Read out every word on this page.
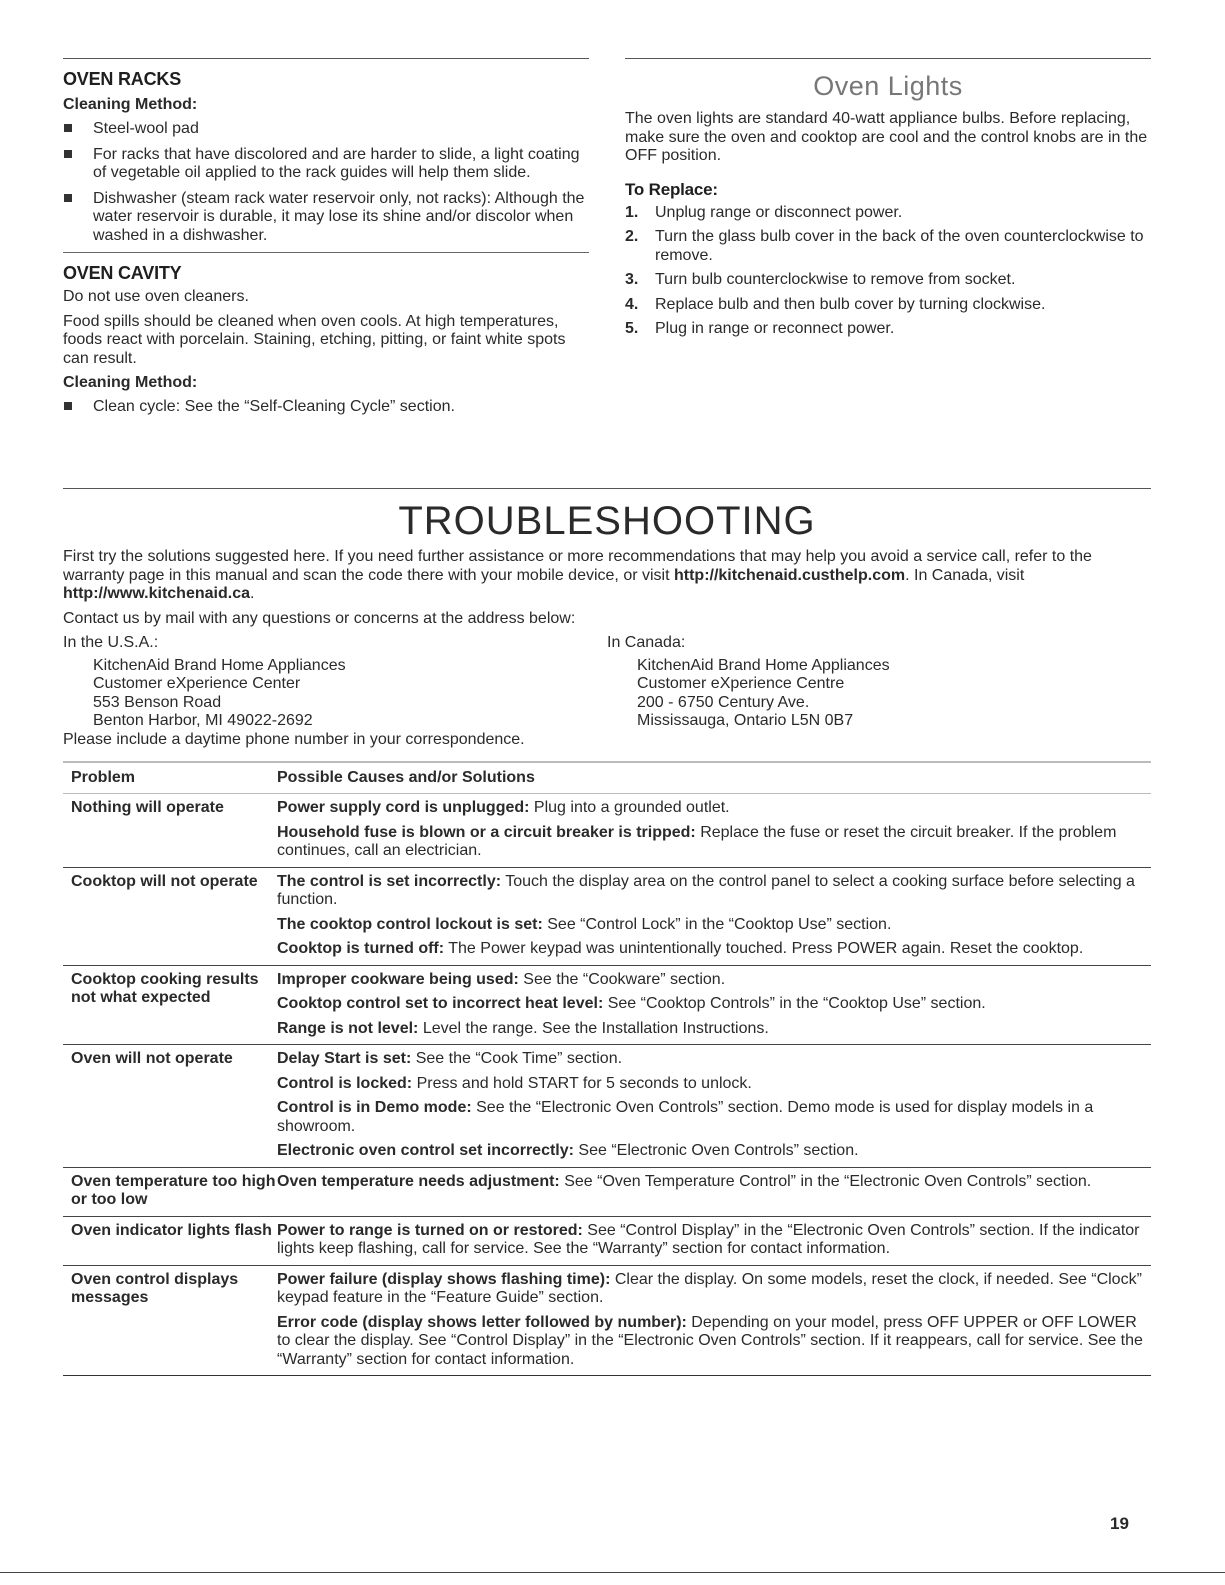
OVEN RACKS
Cleaning Method:
Steel-wool pad
For racks that have discolored and are harder to slide, a light coating of vegetable oil applied to the rack guides will help them slide.
Dishwasher (steam rack water reservoir only, not racks): Although the water reservoir is durable, it may lose its shine and/or discolor when washed in a dishwasher.
OVEN CAVITY

Do not use oven cleaners.

Food spills should be cleaned when oven cools. At high temperatures, foods react with porcelain. Staining, etching, pitting, or faint white spots can result.

Cleaning Method:
Clean cycle: See the “Self-Cleaning Cycle” section.
Oven Lights

The oven lights are standard 40-watt appliance bulbs. Before replacing, make sure the oven and cooktop are cool and the control knobs are in the OFF position.

To Replace:
1. Unplug range or disconnect power.
2. Turn the glass bulb cover in the back of the oven counterclockwise to remove.
3. Turn bulb counterclockwise to remove from socket.
4. Replace bulb and then bulb cover by turning clockwise.
5. Plug in range or reconnect power.
TROUBLESHOOTING

First try the solutions suggested here. If you need further assistance or more recommendations that may help you avoid a service call, refer to the warranty page in this manual and scan the code there with your mobile device, or visit http://kitchenaid.custhelp.com. In Canada, visit http://www.kitchenaid.ca.

Contact us by mail with any questions or concerns at the address below:

In the U.S.A.:
KitchenAid Brand Home Appliances
Customer eXperience Center
553 Benson Road
Benton Harbor, MI 49022-2692
In Canada:
KitchenAid Brand Home Appliances
Customer eXperience Centre
200 - 6750 Century Ave.
Mississauga, Ontario L5N 0B7

Please include a daytime phone number in your correspondence.

Problem	Possible Causes and/or Solutions
Nothing will operate	Power supply cord is unplugged: Plug into a grounded outlet.
Household fuse is blown or a circuit breaker is tripped: Replace the fuse or reset the circuit breaker. If the problem continues, call an electrician.

Cooktop will not operate	The control is set incorrectly: Touch the display area on the control panel to select a cooking surface before selecting a function.
The cooktop control lockout is set: See “Control Lock” in the “Cooktop Use” section.
Cooktop is turned off: The Power keypad was unintentionally touched. Press POWER again. Reset the cooktop.

Cooktop cooking results not what expected	Improper cookware being used: See the “Cookware” section.
Cooktop control set to incorrect heat level: See “Cooktop Controls” in the “Cooktop Use” section.
Range is not level: Level the range. See the Installation Instructions.

Oven will not operate	Delay Start is set: See the “Cook Time” section.
Control is locked: Press and hold START for 5 seconds to unlock.
Control is in Demo mode: See the “Electronic Oven Controls” section. Demo mode is used for display models in a showroom.
Electronic oven control set incorrectly: See “Electronic Oven Controls” section.

Oven temperature too high or too low	Oven temperature needs adjustment: See “Oven Temperature Control” in the “Electronic Oven Controls” section.

Oven indicator lights flash	Power to range is turned on or restored: See “Control Display” in the “Electronic Oven Controls” section. If the indicator lights keep flashing, call for service. See the “Warranty” section for contact information.

Oven control displays messages	Power failure (display shows flashing time): Clear the display. On some models, reset the clock, if needed. See “Clock” keypad feature in the “Feature Guide” section.
Error code (display shows letter followed by number): Depending on your model, press OFF UPPER or OFF LOWER to clear the display. See “Control Display” in the “Electronic Oven Controls” section. If it reappears, call for service. See the “Warranty” section for contact information.
19
